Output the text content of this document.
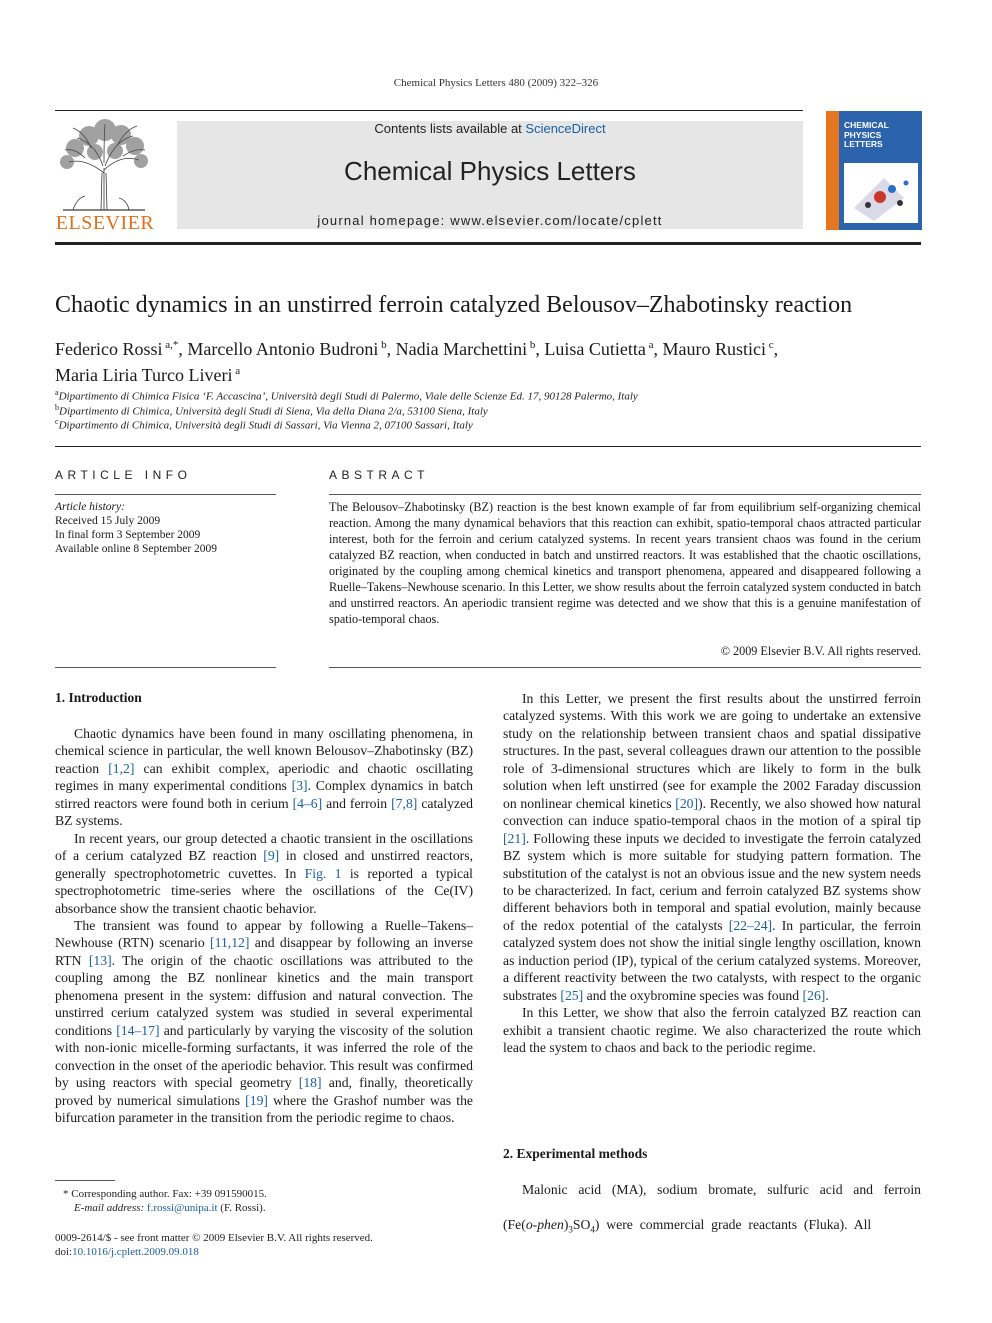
Chemical Physics Letters 480 (2009) 322–326
ELSEVIER
Contents lists available at ScienceDirect
Chemical Physics Letters
journal homepage: www.elsevier.com/locate/cplett
CHEMICAL
PHYSICS
LETTERS
Chaotic dynamics in an unstirred ferroin catalyzed Belousov–Zhabotinsky reaction
Federico Rossi $^{a,*}$, Marcello Antonio Budroni $^b$, Nadia Marchettini $^b$, Luisa Cutietta $^a$, Mauro Rustici $^c$,
Maria Liria Turco Liveri $^a$
$^a$Dipartimento di Chimica Fisica ‘F. Accascina’, Università degli Studi di Palermo, Viale delle Scienze Ed. 17, 90128 Palermo, Italy
$^b$Dipartimento di Chimica, Università degli Studi di Siena, Via della Diana 2/a, 53100 Siena, Italy
$^c$Dipartimento di Chimica, Università degli Studi di Sassari, Via Vienna 2, 07100 Sassari, Italy
ARTICLE INFO
Article history:
Received 15 July 2009
In final form 3 September 2009
Available online 8 September 2009
ABSTRACT
The Belousov–Zhabotinsky (BZ) reaction is the best known example of far from equilibrium self-organizing chemical reaction. Among the many dynamical behaviors that this reaction can exhibit, spatio-temporal chaos attracted particular interest, both for the ferroin and cerium catalyzed systems. In recent years transient chaos was found in the cerium catalyzed BZ reaction, when conducted in batch and unstirred reactors. It was established that the chaotic oscillations, originated by the coupling among chemical kinetics and transport phenomena, appeared and disappeared following a Ruelle–Takens–Newhouse scenario. In this Letter, we show results about the ferroin catalyzed system conducted in batch and unstirred reactors. An aperiodic transient regime was detected and we show that this is a genuine manifestation of spatio-temporal chaos.
© 2009 Elsevier B.V. All rights reserved.
1. Introduction

Chaotic dynamics have been found in many oscillating phenomena, in chemical science in particular, the well known Belousov–Zhabotinsky (BZ) reaction [1,2] can exhibit complex, aperiodic and chaotic oscillating regimes in many experimental conditions [3]. Complex dynamics in batch stirred reactors were found both in cerium [4–6] and ferroin [7,8] catalyzed BZ systems.

In recent years, our group detected a chaotic transient in the oscillations of a cerium catalyzed BZ reaction [9] in closed and unstirred reactors, generally spectrophotometric cuvettes. In Fig. 1 is reported a typical spectrophotometric time-series where the oscillations of the Ce(IV) absorbance show the transient chaotic behavior.

The transient was found to appear by following a Ruelle–Takens–Newhouse (RTN) scenario [11,12] and disappear by following an inverse RTN [13]. The origin of the chaotic oscillations was attributed to the coupling among the BZ nonlinear kinetics and the main transport phenomena present in the system: diffusion and natural convection. The unstirred cerium catalyzed system was studied in several experimental conditions [14–17] and particularly by varying the viscosity of the solution with non-ionic micelle-forming surfactants, it was inferred the role of the convection in the onset of the aperiodic behavior. This result was confirmed by using reactors with special geometry [18] and, finally, theoretically proved by numerical simulations [19] where the Grashof number was the bifurcation parameter in the transition from the periodic regime to chaos.

In this Letter, we present the first results about the unstirred ferroin catalyzed systems. With this work we are going to undertake an extensive study on the relationship between transient chaos and spatial dissipative structures. In the past, several colleagues drawn our attention to the possible role of 3-dimensional structures which are likely to form in the bulk solution when left unstirred (see for example the 2002 Faraday discussion on nonlinear chemical kinetics [20]). Recently, we also showed how natural convection can induce spatio-temporal chaos in the motion of a spiral tip [21]. Following these inputs we decided to investigate the ferroin catalyzed BZ system which is more suitable for studying pattern formation. The substitution of the catalyst is not an obvious issue and the new system needs to be characterized. In fact, cerium and ferroin catalyzed BZ systems show different behaviors both in temporal and spatial evolution, mainly because of the redox potential of the catalysts [22–24]. In particular, the ferroin catalyzed system does not show the initial single lengthy oscillation, known as induction period (IP), typical of the cerium catalyzed systems. Moreover, a different reactivity between the two catalysts, with respect to the organic substrates [25] and the oxybromine species was found [26].

In this Letter, we show that also the ferroin catalyzed BZ reaction can exhibit a transient chaotic regime. We also characterized the route which lead the system to chaos and back to the periodic regime.

2. Experimental methods

Malonic acid (MA), sodium bromate, sulfuric acid and ferroin

$(Fe(o-phen)_3SO_4)$  were  commercial  grade  reactants  (Fluka).  All

* Corresponding author. Fax: +39 091590015.
E-mail address: f.rossi@unipa.it (F. Rossi).
0009-2614/$ - see front matter © 2009 Elsevier B.V. All rights reserved.
doi:10.1016/j.cplett.2009.09.018
